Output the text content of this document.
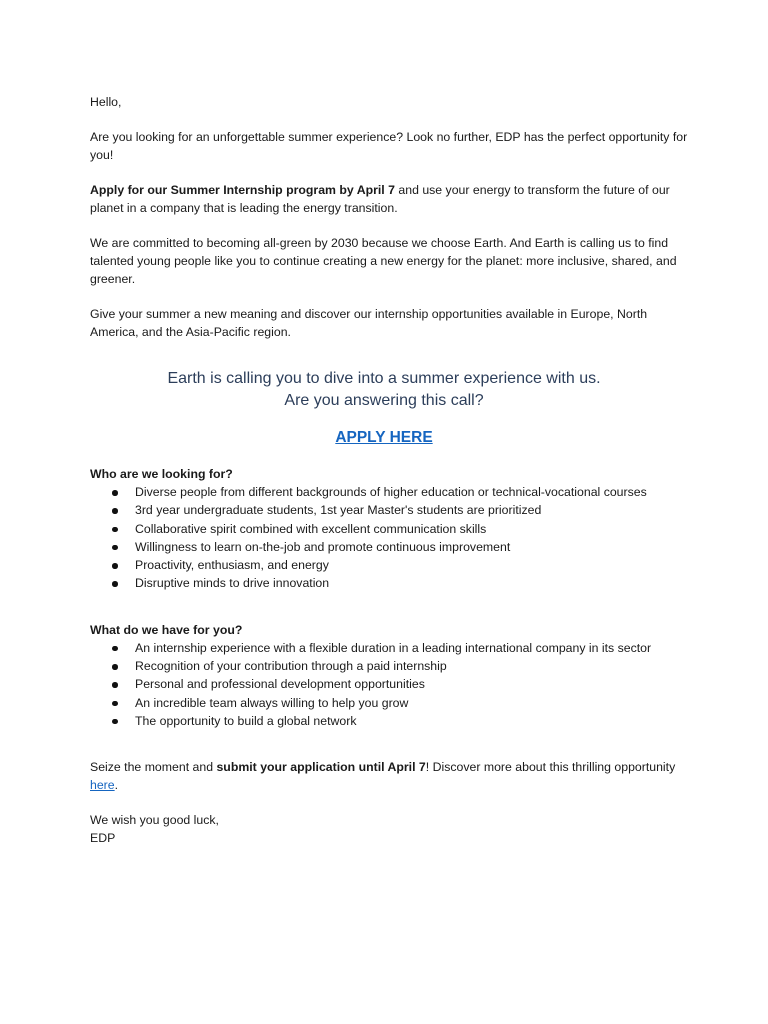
Hello,

Are you looking for an unforgettable summer experience? Look no further, EDP has the perfect opportunity for you!

Apply for our Summer Internship program by April 7 and use your energy to transform the future of our planet in a company that is leading the energy transition.

We are committed to becoming all-green by 2030 because we choose Earth. And Earth is calling us to find talented young people like you to continue creating a new energy for the planet: more inclusive, shared, and greener.

Give your summer a new meaning and discover our internship opportunities available in Europe, North America, and the Asia-Pacific region.

Earth is calling you to dive into a summer experience with us.

Are you answering this call?

APPLY HERE

Who are we looking for?

Diverse people from different backgrounds of higher education or technical-vocational courses
3rd year undergraduate students, 1st year Master's students are prioritized
Collaborative spirit combined with excellent communication skills
Willingness to learn on-the-job and promote continuous improvement
Proactivity, enthusiasm, and energy
Disruptive minds to drive innovation

What do we have for you?

An internship experience with a flexible duration in a leading international company in its sector
Recognition of your contribution through a paid internship
Personal and professional development opportunities
An incredible team always willing to help you grow
The opportunity to build a global network

Seize the moment and submit your application until April 7! Discover more about this thrilling opportunity here.

We wish you good luck,

EDP
